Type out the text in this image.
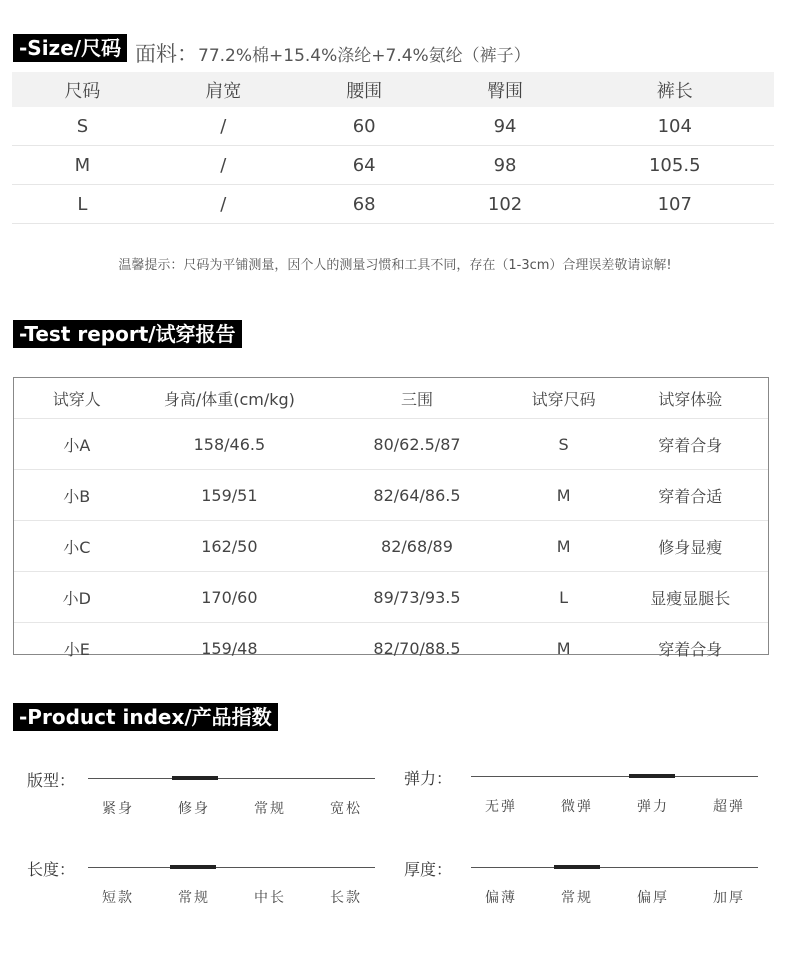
-Size/尺码 面料：77.2%棉+15.4%涤纶+7.4%氨纶（裤子）
尺码	肩宽	腰围	臀围	裤长
S	/	60	94	104
M	/	64	98	105.5
L	/	68	102	107
温馨提示：尺码为平铺测量，因个人的测量习惯和工具不同，存在（1-3cm）合理误差敬请谅解!
-Test report/试穿报告
试穿人	身高/体重(cm/kg)	三围	试穿尺码	试穿体验
小A	158/46.5	80/62.5/87	S	穿着合身
小B	159/51	82/64/86.5	M	穿着合适
小C	162/50	82/68/89	M	修身显瘦
小D	170/60	89/73/93.5	L	显瘦显腿长
小E	159/48	82/70/88.5	M	穿着合身
-Product index/产品指数
版型：
紧身	修身	常规	宽松
弹力：
无弹	微弹	弹力	超弹
长度：
短款	常规	中长	长款
厚度：
偏薄	常规	偏厚	加厚
